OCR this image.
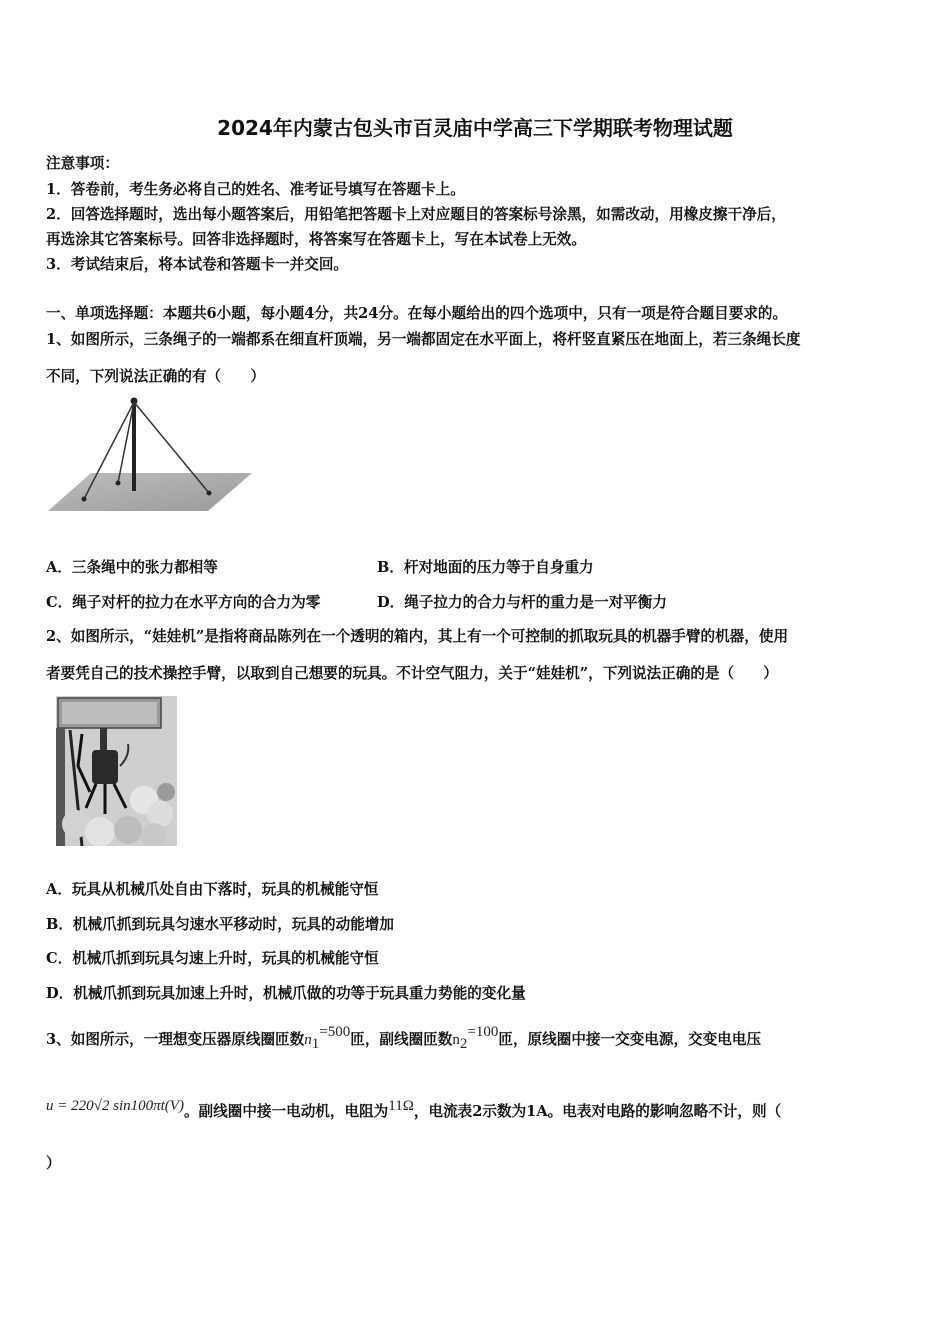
2024年内蒙古包头市百灵庙中学高三下学期联考物理试题
注意事项：
1．答卷前，考生务必将自己的姓名、准考证号填写在答题卡上。
2．回答选择题时，选出每小题答案后，用铅笔把答题卡上对应题目的答案标号涂黑，如需改动，用橡皮擦干净后，
再选涂其它答案标号。回答非选择题时，将答案写在答题卡上，写在本试卷上无效。
3．考试结束后，将本试卷和答题卡一并交回。
一、单项选择题：本题共6小题，每小题4分，共24分。在每小题给出的四个选项中，只有一项是符合题目要求的。
1、如图所示，三条绳子的一端都系在细直杆顶端，另一端都固定在水平面上，将杆竖直紧压在地面上，若三条绳长度
不同，下列说法正确的有（　　）
A．三条绳中的张力都相等	B．杆对地面的压力等于自身重力
C．绳子对杆的拉力在水平方向的合力为零	D．绳子拉力的合力与杆的重力是一对平衡力
2、如图所示，“娃娃机”是指将商品陈列在一个透明的箱内，其上有一个可控制的抓取玩具的机器手臂的机器，使用
者要凭自己的技术操控手臂，以取到自己想要的玩具。不计空气阻力，关于“娃娃机”，下列说法正确的是（　　）
A．玩具从机械爪处自由下落时，玩具的机械能守恒
B．机械爪抓到玩具匀速水平移动时，玩具的动能增加
C．机械爪抓到玩具匀速上升时，玩具的机械能守恒
D．机械爪抓到玩具加速上升时，机械爪做的功等于玩具重力势能的变化量
3、如图所示，一理想变压器原线圈匝数$n_1=500$匝，副线圈匝数$n_2=100$匝，原线圈中接一交变电源，交变电电压
u = 220√2 sin100πt(V)。副线圈中接一电动机，电阻为11Ω，电流表2示数为1A。电表对电路的影响忽略不计，则（
）
